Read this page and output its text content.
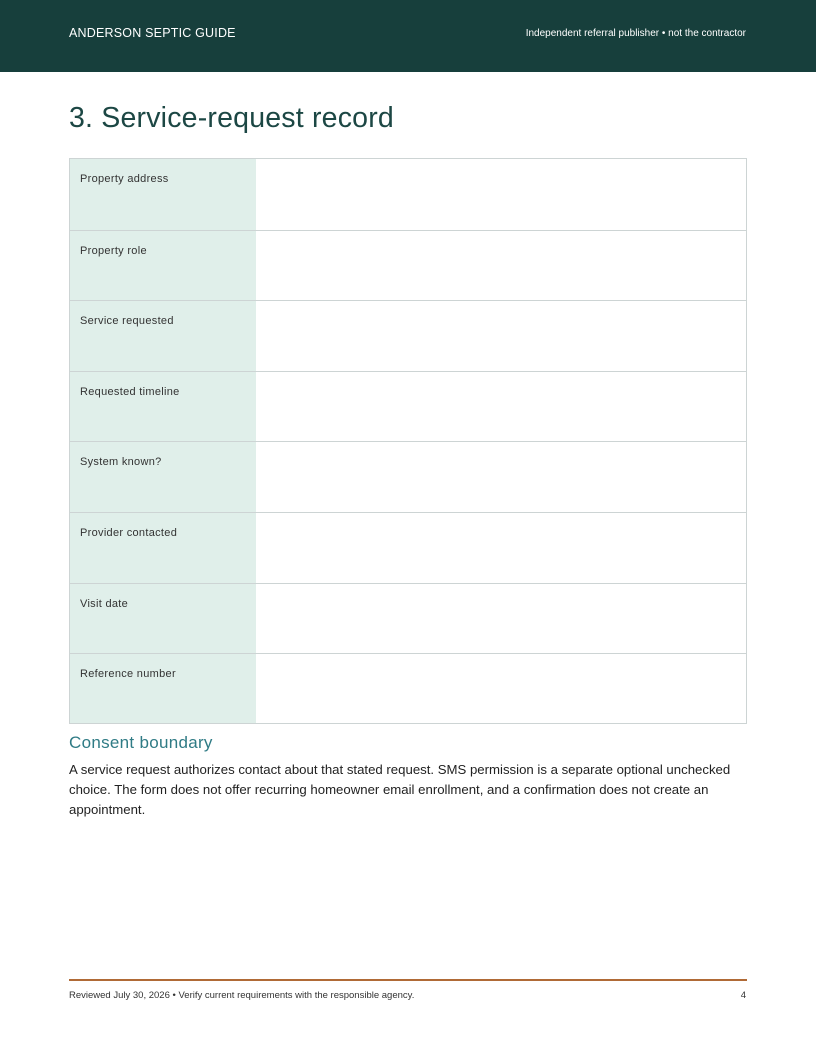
ANDERSON SEPTIC GUIDE	Independent referral publisher • not the contractor
3. Service-request record
Property address
Property role
Service requested
Requested timeline
System known?
Provider contacted
Visit date
Reference number
Consent boundary

A service request authorizes contact about that stated request. SMS permission is a separate optional unchecked choice. The form does not offer recurring homeowner email enrollment, and a confirmation does not create an appointment.

Reviewed July 30, 2026 • Verify current requirements with the responsible agency.	4
